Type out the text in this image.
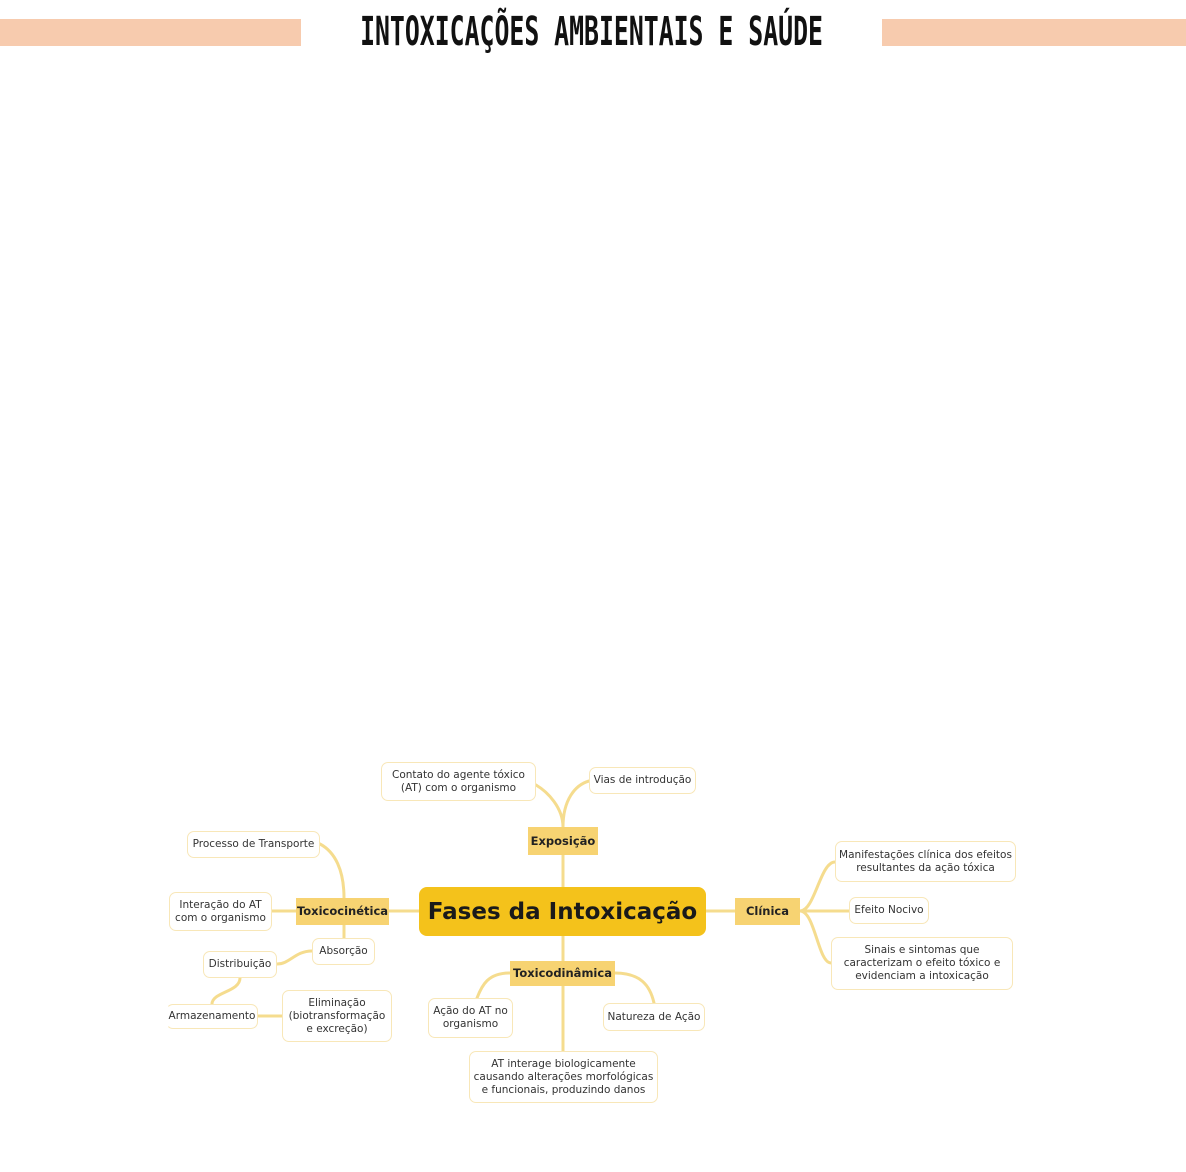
INTOXICAÇÕES AMBIENTAIS E SAÚDE
Fases da Intoxicação
Exposição
Contato do agente tóxico
(AT) com o organismo
Vias de introdução
Toxicocinética
Processo de Transporte
Interação do AT
com o organismo
Absorção
Distribuição
Armazenamento
Eliminação
(biotransformação
e excreção)
Clínica
Manifestações clínica dos efeitos
resultantes da ação tóxica
Efeito Nocivo
Sinais e sintomas que
caracterizam o efeito tóxico e
evidenciam a intoxicação
Toxicodinâmica
Ação do AT no
organismo
Natureza de Ação
AT interage biologicamente
causando alterações morfológicas
e funcionais, produzindo danos
